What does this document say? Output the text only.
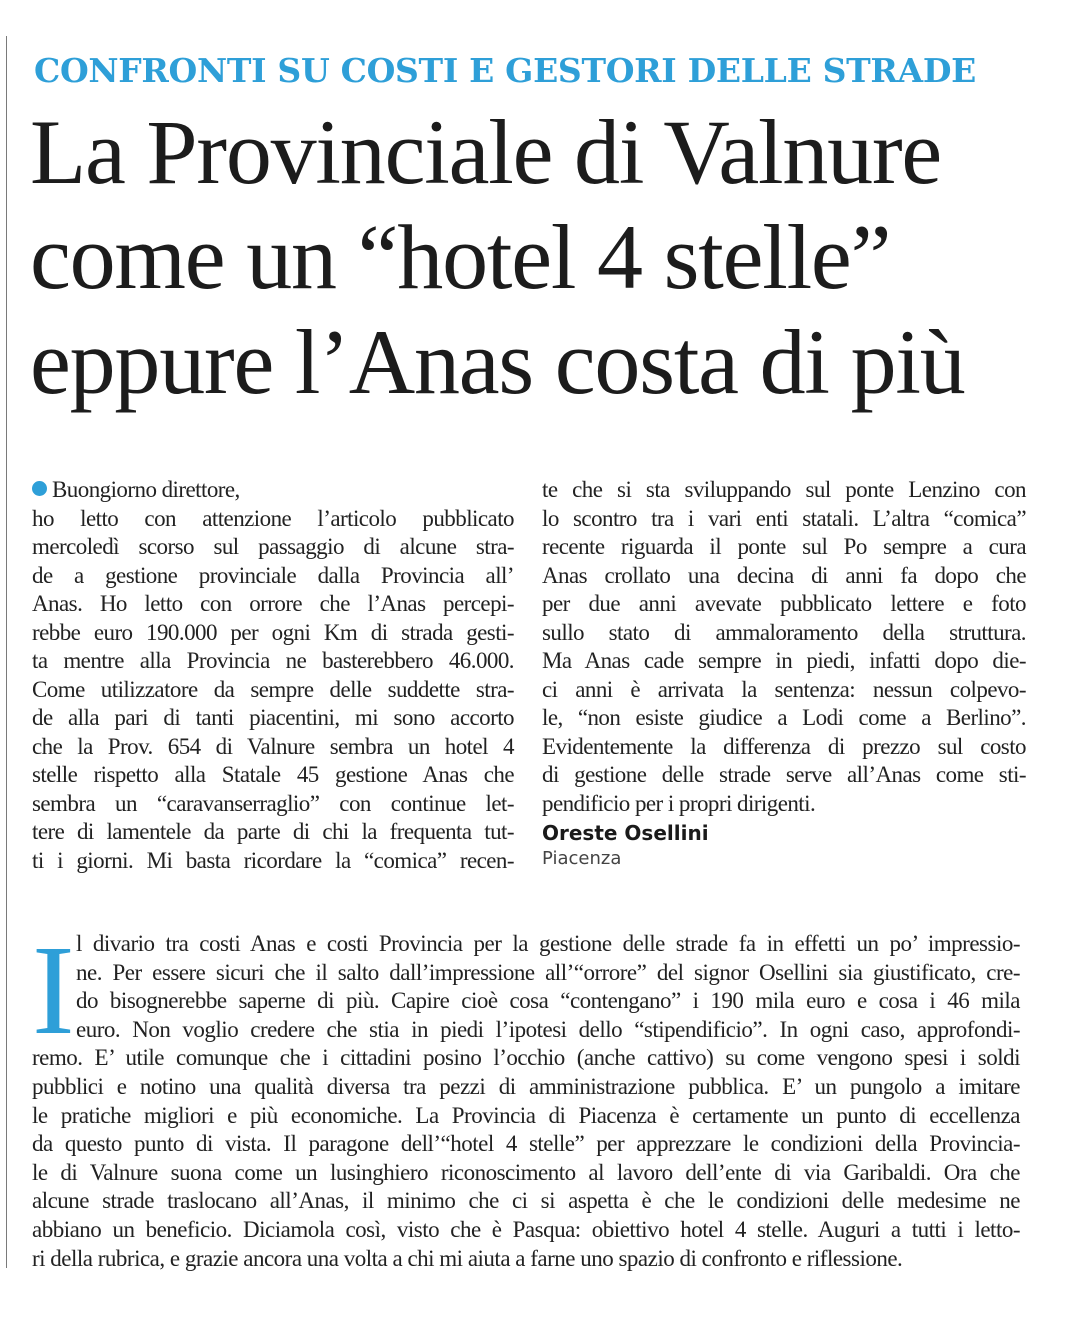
CONFRONTI SU COSTI E GESTORI DELLE STRADE
La Provinciale di Valnure
come un “hotel 4 stelle”
eppure l’Anas costa di più

Buongiorno direttore,
ho letto con attenzione l’articolo pubblicato
mercoledì scorso sul passaggio di alcune stra-
de a gestione provinciale dalla Provincia all’
Anas. Ho letto con orrore che l’Anas percepi-
rebbe euro 190.000 per ogni Km di strada gesti-
ta mentre alla Provincia ne basterebbero 46.000.
Come utilizzatore da sempre delle suddette stra-
de alla pari di tanti piacentini, mi sono accorto
che la Prov. 654 di Valnure sembra un hotel 4
stelle rispetto alla Statale 45 gestione Anas che
sembra un “caravanserraglio” con continue let-
tere di lamentele da parte di chi la frequenta tut-
ti i giorni. Mi basta ricordare la “comica” recen-

te che si sta sviluppando sul ponte Lenzino con
lo scontro tra i vari enti statali. L’altra “comica”
recente riguarda il ponte sul Po sempre a cura
Anas crollato una decina di anni fa dopo che
per due anni avevate pubblicato lettere e foto
sullo stato di ammaloramento della struttura.
Ma Anas cade sempre in piedi, infatti dopo die-
ci anni è arrivata la sentenza: nessun colpevo-
le, “non esiste giudice a Lodi come a Berlino”.
Evidentemente la differenza di prezzo sul costo
di gestione delle strade serve all’Anas come sti-
pendificio per i propri dirigenti.

Oreste Osellini
Piacenza
I l divario tra costi Anas e costi Provincia per la gestione delle strade fa in effetti un po’ impressio-
ne. Per essere sicuri che il salto dall’impressione all’“orrore” del signor Osellini sia giustificato, cre-
do bisognerebbe saperne di più. Capire cioè cosa “contengano” i 190 mila euro e cosa i 46 mila
euro. Non voglio credere che stia in piedi l’ipotesi dello “stipendificio”. In ogni caso, approfondi-
remo. E’ utile comunque che i cittadini posino l’occhio (anche cattivo) su come vengono spesi i soldi
pubblici e notino una qualità diversa tra pezzi di amministrazione pubblica. E’ un pungolo a imitare
le pratiche migliori e più economiche. La Provincia di Piacenza è certamente un punto di eccellenza
da questo punto di vista. Il paragone dell’“hotel 4 stelle” per apprezzare le condizioni della Provincia-
le di Valnure suona come un lusinghiero riconoscimento al lavoro dell’ente di via Garibaldi. Ora che
alcune strade traslocano all’Anas, il minimo che ci si aspetta è che le condizioni delle medesime ne
abbiano un beneficio. Diciamola così, visto che è Pasqua: obiettivo hotel 4 stelle. Auguri a tutti i letto-
ri della rubrica, e grazie ancora una volta a chi mi aiuta a farne uno spazio di confronto e riflessione.
